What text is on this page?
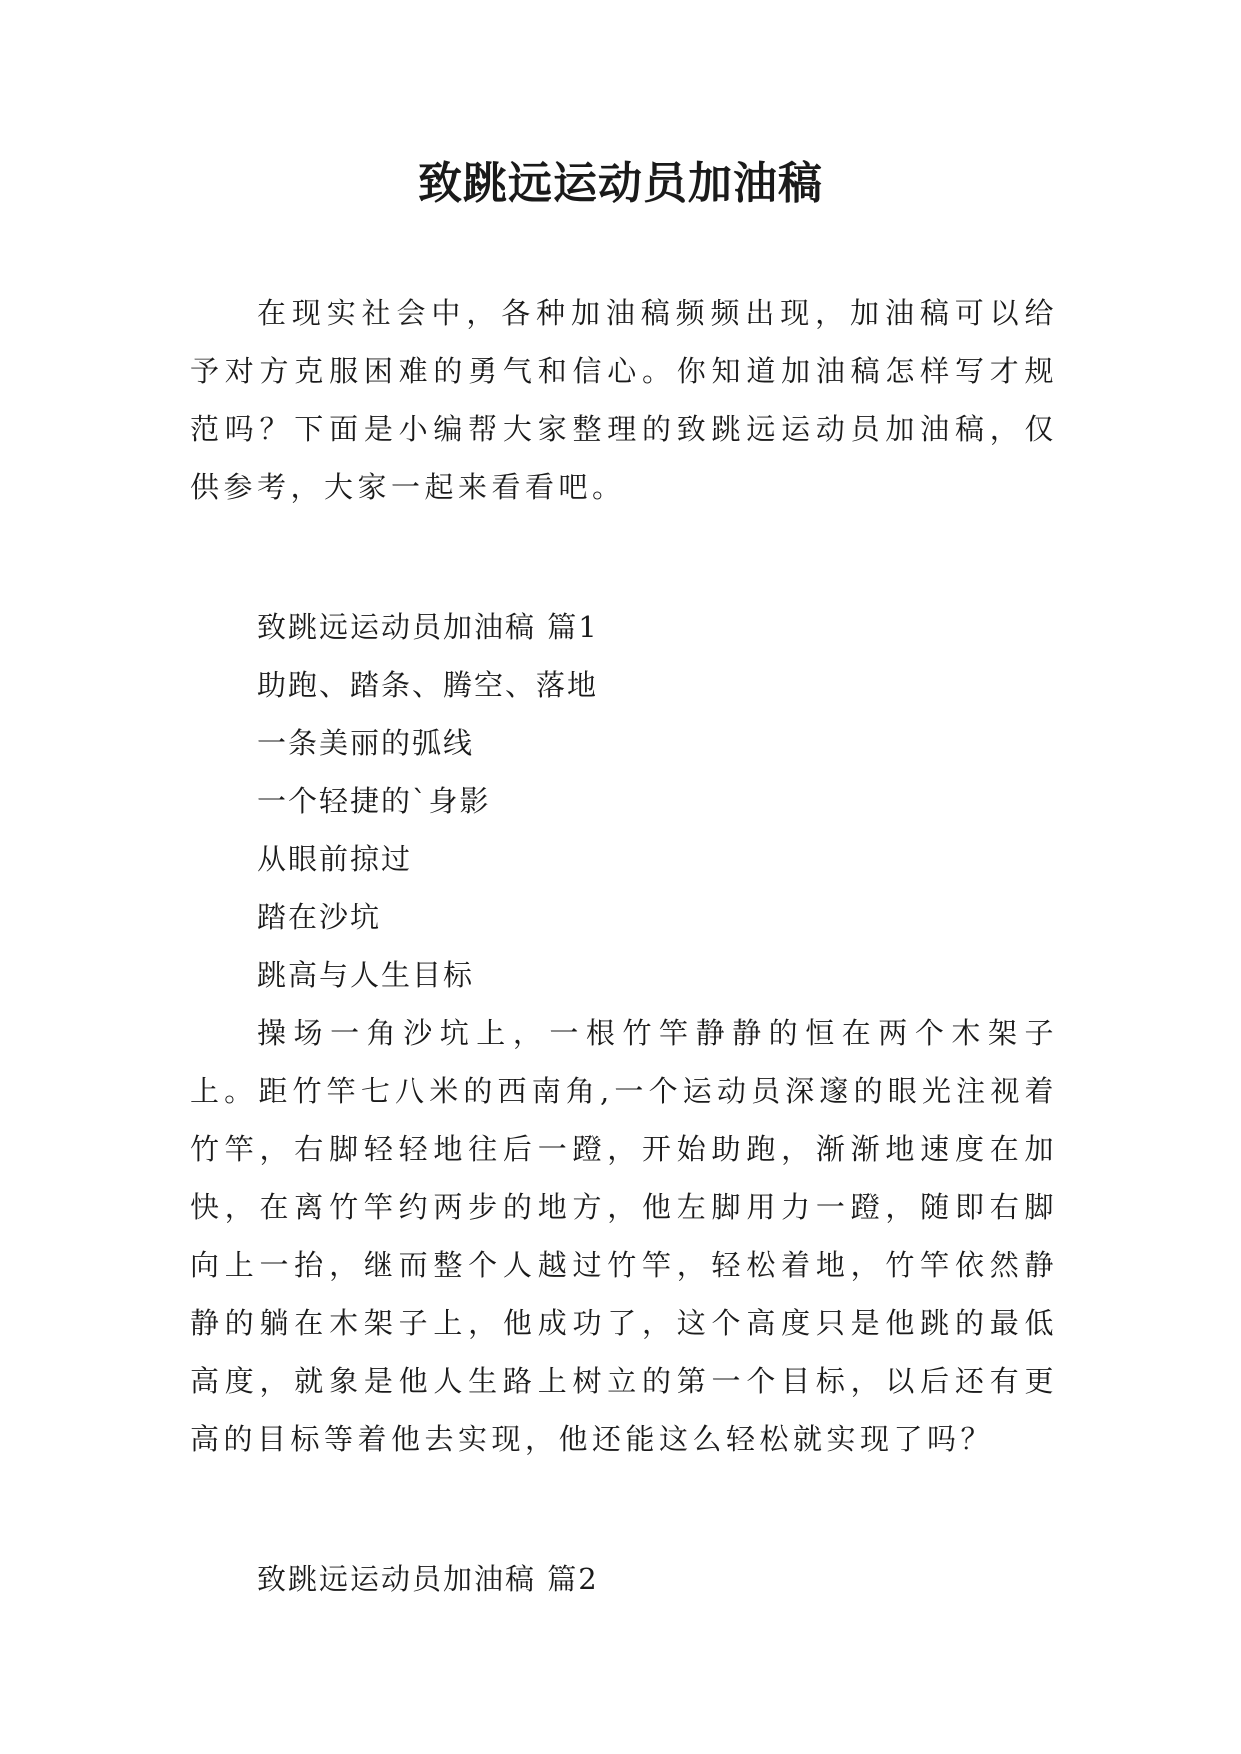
致跳远运动员加油稿

在现实社会中，各种加油稿频频出现，加油稿可以给予对方克服困难的勇气和信心。你知道加油稿怎样写才规范吗？下面是小编帮大家整理的致跳远运动员加油稿，仅供参考，大家一起来看看吧。

致跳远运动员加油稿 篇1
助跑、踏条、腾空、落地
一条美丽的弧线
一个轻捷的`身影
从眼前掠过
踏在沙坑
跳高与人生目标

操场一角沙坑上，一根竹竿静静的恒在两个木架子上。距竹竿七八米的西南角,一个运动员深邃的眼光注视着竹竿，右脚轻轻地往后一蹬，开始助跑，渐渐地速度在加快，在离竹竿约两步的地方，他左脚用力一蹬，随即右脚向上一抬，继而整个人越过竹竿，轻松着地，竹竿依然静静的躺在木架子上，他成功了，这个高度只是他跳的最低高度，就象是他人生路上树立的第一个目标，以后还有更高的目标等着他去实现，他还能这么轻松就实现了吗？

致跳远运动员加油稿 篇2
